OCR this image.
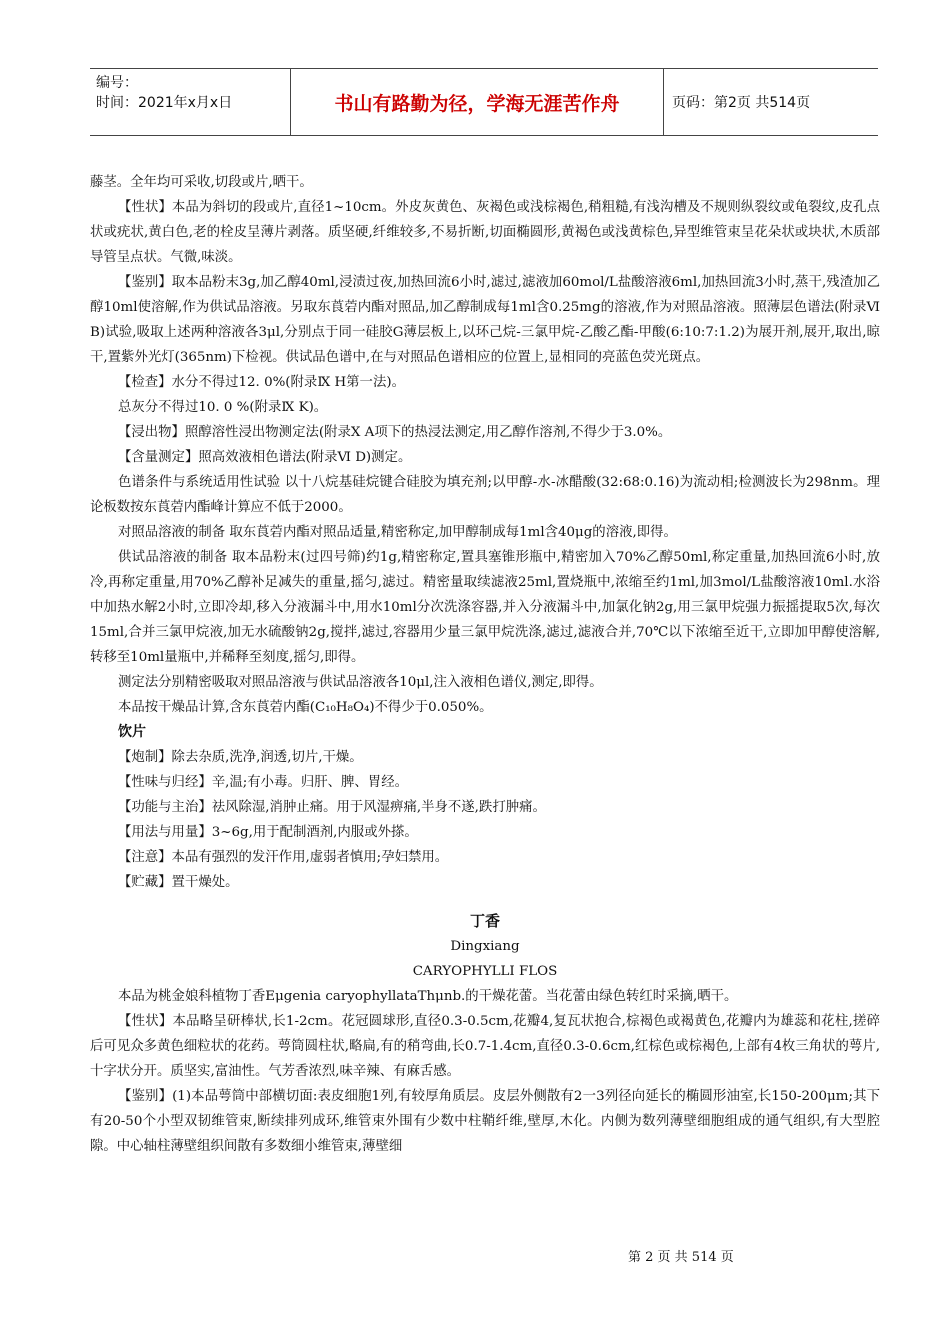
编号：
时间：2021年x月x日	书山有路勤为径，学海无涯苦作舟	页码：第2页 共514页

藤茎。全年均可采收,切段或片,晒干。

【性状】本品为斜切的段或片,直径1~10cm。外皮灰黄色、灰褐色或浅棕褐色,稍粗糙,有浅沟槽及不规则纵裂纹或龟裂纹,皮孔点状或疣状,黄白色,老的栓皮呈薄片剥落。质坚硬,纤维较多,不易折断,切面椭圆形,黄褐色或浅黄棕色,异型维管束呈花朵状或块状,木质部导管呈点状。气微,味淡。

【鉴别】取本品粉末3g,加乙醇40ml,浸渍过夜,加热回流6小时,滤过,滤液加60mol/L盐酸溶液6ml,加热回流3小时,蒸干,残渣加乙醇10ml使溶解,作为供试品溶液。另取东莨菪内酯对照品,加乙醇制成每1ml含0.25mg的溶液,作为对照品溶液。照薄层色谱法(附录Ⅵ B)试验,吸取上述两种溶液各3μl,分别点于同一硅胶G薄层板上,以环己烷-三氯甲烷-乙酸乙酯-甲酸(6:10:7:1.2)为展开剂,展开,取出,晾干,置紫外光灯(365nm)下检视。供试品色谱中,在与对照品色谱相应的位置上,显相同的亮蓝色荧光斑点。

【检查】水分不得过12. 0%(附录Ⅸ H第一法)。

总灰分不得过10. 0 %(附录Ⅸ K)。

【浸出物】照醇溶性浸出物测定法(附录Ⅹ A项下的热浸法测定,用乙醇作溶剂,不得少于3.0%。

【含量测定】照高效液相色谱法(附录Ⅵ D)测定。

色谱条件与系统适用性试验 以十八烷基硅烷键合硅胶为填充剂;以甲醇-水-冰醋酸(32:68:0.16)为流动相;检测波长为298nm。理论板数按东莨菪内酯峰计算应不低于2000。

对照品溶液的制备 取东莨菪内酯对照品适量,精密称定,加甲醇制成每1ml含40μg的溶液,即得。

供试品溶液的制备 取本品粉末(过四号筛)约1g,精密称定,置具塞锥形瓶中,精密加入70%乙醇50ml,称定重量,加热回流6小时,放冷,再称定重量,用70%乙醇补足减失的重量,摇匀,滤过。精密量取续滤液25ml,置烧瓶中,浓缩至约1ml,加3mol/L盐酸溶液10ml.水浴中加热水解2小时,立即冷却,移入分液漏斗中,用水10ml分次洗涤容器,并入分液漏斗中,加氯化钠2g,用三氯甲烷强力振摇提取5次,每次15ml,合并三氯甲烷液,加无水硫酸钠2g,搅拌,滤过,容器用少量三氯甲烷洗涤,滤过,滤液合并,70℃以下浓缩至近干,立即加甲醇使溶解,转移至10ml量瓶中,并稀释至刻度,摇匀,即得。

测定法分别精密吸取对照品溶液与供试品溶液各10μl,注入液相色谱仪,测定,即得。

本品按干燥品计算,含东莨菪内酯(C₁₀H₈O₄)不得少于0.050%。

饮片

【炮制】除去杂质,洗净,润透,切片,干燥。

【性味与归经】辛,温;有小毒。归肝、脾、胃经。

【功能与主治】祛风除湿,消肿止痛。用于风湿痹痛,半身不遂,跌打肿痛。

【用法与用量】3~6g,用于配制酒剂,内服或外搽。

【注意】本品有强烈的发汗作用,虚弱者慎用;孕妇禁用。

【贮藏】置干燥处。

丁香

Dingxiang

CARYOPHYLLI FLOS

本品为桃金娘科植物丁香Eμgenia caryophyllataThμnb.的干燥花蕾。当花蕾由绿色转红时采摘,晒干。

【性状】本品略呈研棒状,长1-2cm。花冠圆球形,直径0.3-0.5cm,花瓣4,复瓦状抱合,棕褐色或褐黄色,花瓣内为雄蕊和花柱,搓碎后可见众多黄色细粒状的花药。萼筒圆柱状,略扁,有的稍弯曲,长0.7-1.4cm,直径0.3-0.6cm,红棕色或棕褐色,上部有4枚三角状的萼片,十字状分开。质坚实,富油性。气芳香浓烈,味辛辣、有麻舌感。

【鉴别】(1)本品萼筒中部横切面:表皮细胞1列,有较厚角质层。皮层外侧散有2一3列径向延长的椭圆形油室,长150-200μm;其下有20-50个小型双韧维管束,断续排列成环,维管束外围有少数中柱鞘纤维,壁厚,木化。内侧为数列薄壁细胞组成的通气组织,有大型腔隙。中心轴柱薄壁组织间散有多数细小维管束,薄壁细

第 2 页 共 514 页
